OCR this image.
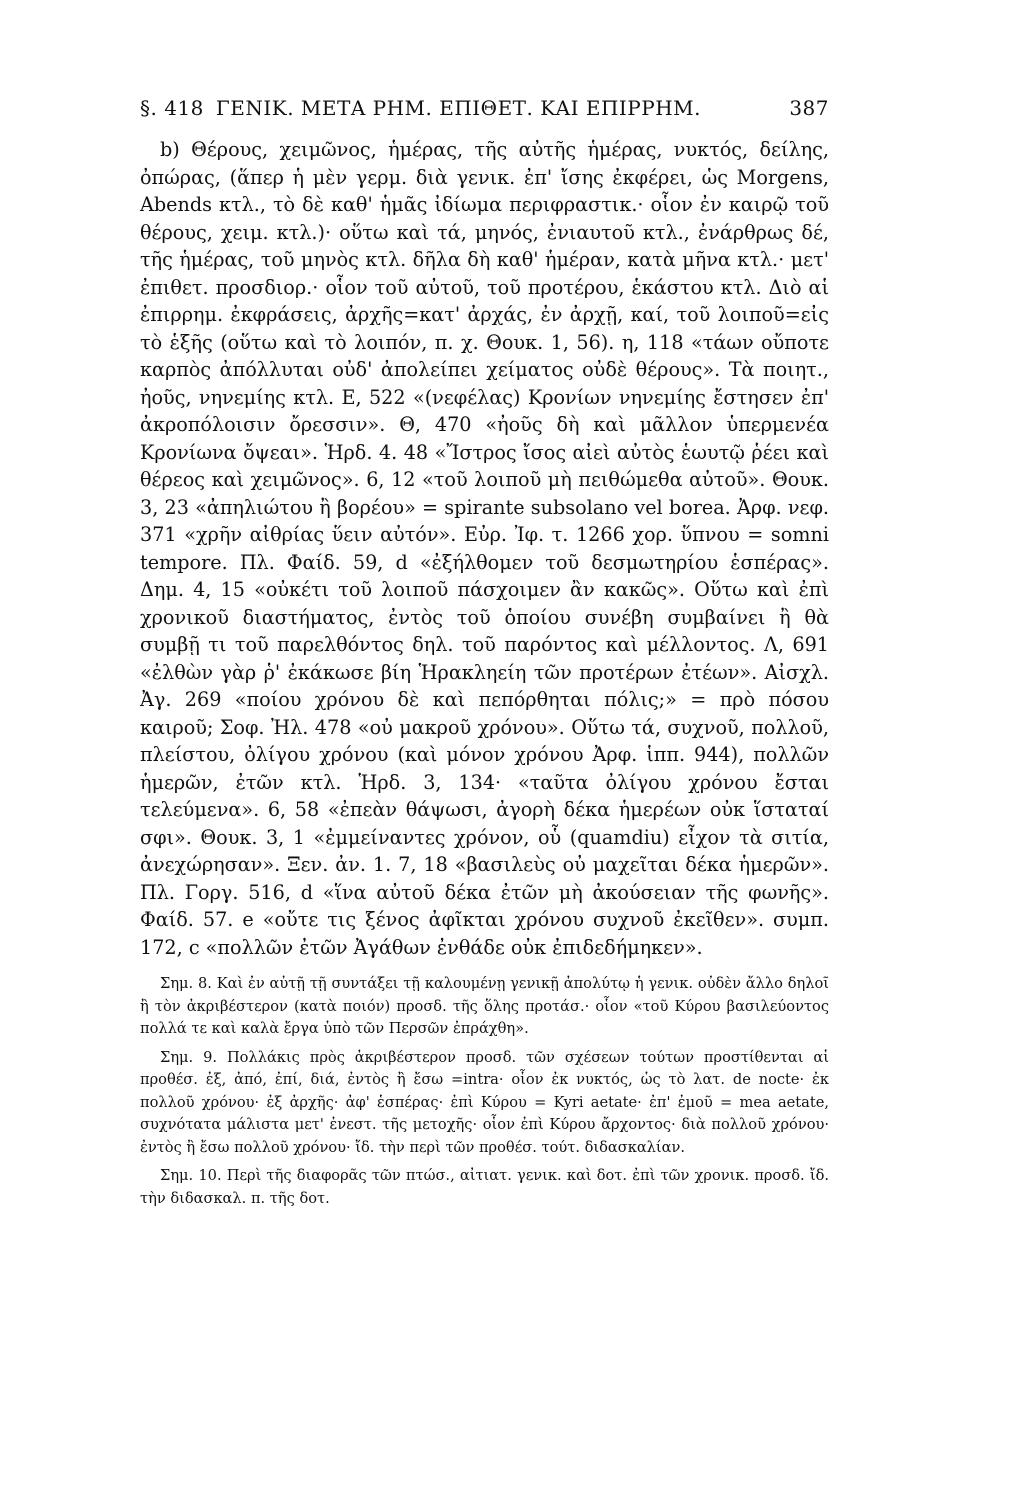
§. 418 ΓΕΝΙΚ. ΜΕΤΑ ΡΗΜ. ΕΠΙΘΕΤ. ΚΑΙ ΕΠΙΡΡΗΜ.	387
b) Θέρους, χειμῶνος, ἡμέρας, τῆς αὐτῆς ἡμέρας, νυκτός, δείλης, ὀπώρας, (ἅπερ ἡ μὲν γερμ. διὰ γενικ. ἐπ' ἴσης ἐκφέρει, ὡς Morgens, Abends κτλ., τὸ δὲ καθ' ἡμᾶς ἰδίωμα περιφραστικ.· οἷον ἐν καιρῷ τοῦ θέρους, χειμ. κτλ.)· οὕτω καὶ τά, μηνός, ἐνιαυτοῦ κτλ., ἐνάρθρως δέ, τῆς ἡμέρας, τοῦ μηνὸς κτλ. δῆλα δὴ καθ' ἡμέραν, κατὰ μῆνα κτλ.· μετ' ἐπιθετ. προσδιορ.· οἷον τοῦ αὐτοῦ, τοῦ προτέρου, ἑκάστου κτλ. Διὸ αἱ ἐπιρρημ. ἐκφράσεις, ἀρχῆς=κατ' ἀρχάς, ἐν ἀρχῇ, καί, τοῦ λοιποῦ=εἰς τὸ ἑξῆς (οὕτω καὶ τὸ λοιπόν, π. χ. Θουκ. 1, 56). η, 118 «τάων οὔποτε καρπὸς ἀπόλλυται οὐδ' ἀπολείπει χείματος οὐδὲ θέρους». Τὰ ποιητ., ἠοῦς, νηνεμίης κτλ. Ε, 522 «(νεφέλας) Κρονίων νηνεμίης ἔστησεν ἐπ' ἀκροπόλοισιν ὄρεσσιν». Θ, 470 «ἠοῦς δὴ καὶ μᾶλλον ὑπερμενέα Κρονίωνα ὄψεαι». Ἡρδ. 4. 48 «Ἴστρος ἴσος αἰεὶ αὐτὸς ἑωυτῷ ῥέει καὶ θέρεος καὶ χειμῶνος». 6, 12 «τοῦ λοιποῦ μὴ πειθώμεθα αὐτοῦ». Θουκ. 3, 23 «ἀπηλιώτου ἢ βορέου» = spirante subsolano vel borea. Ἀρφ. νεφ. 371 «χρῆν αἰθρίας ὕειν αὐτόν». Εὐρ. Ἰφ. τ. 1266 χορ. ὕπνου = somni tempore. Πλ. Φαίδ. 59, d «ἐξήλθομεν τοῦ δεσμωτηρίου ἑσπέρας». Δημ. 4, 15 «οὐκέτι τοῦ λοιποῦ πάσχοιμεν ἂν κακῶς». Οὕτω καὶ ἐπὶ χρονικοῦ διαστήματος, ἐντὸς τοῦ ὁποίου συνέβη συμβαίνει ἢ θὰ συμβῇ τι τοῦ παρελθόντος δηλ. τοῦ παρόντος καὶ μέλλοντος. Λ, 691 «ἐλθὼν γὰρ ῥ' ἐκάκωσε βίη Ἡρακληείη τῶν προτέρων ἐτέων». Αἰσχλ. Ἀγ. 269 «ποίου χρόνου δὲ καὶ πεπόρθηται πόλις;» = πρὸ πόσου καιροῦ; Σοφ. Ἠλ. 478 «οὐ μακροῦ χρόνου». Οὕτω τά, συχνοῦ, πολλοῦ, πλείστου, ὀλίγου χρόνου (καὶ μόνον χρόνου Ἀρφ. ἱππ. 944), πολλῶν ἡμερῶν, ἐτῶν κτλ. Ἡρδ. 3, 134· «ταῦτα ὀλίγου χρόνου ἔσται τελεύμενα». 6, 58 «ἐπεὰν θάψωσι, ἀγορὴ δέκα ἡμερέων οὐκ ἵσταταί σφι». Θουκ. 3, 1 «ἐμμείναντες χρόνον, οὗ (quamdiu) εἶχον τὰ σιτία, ἀνεχώρησαν». Ξεν. ἀν. 1. 7, 18 «βασιλεὺς οὐ μαχεῖται δέκα ἡμερῶν». Πλ. Γοργ. 516, d «ἵνα αὐτοῦ δέκα ἐτῶν μὴ ἀκούσειαν τῆς φωνῆς». Φαίδ. 57. e «οὔτε τις ξένος ἀφῖκται χρόνου συχνοῦ ἐκεῖθεν». συμπ. 172, c «πολλῶν ἐτῶν Ἀγάθων ἐνθάδε οὐκ ἐπιδεδήμηκεν».
Σημ. 8. Καὶ ἐν αὐτῇ τῇ συντάξει τῇ καλουμένῃ γενικῇ ἀπολύτῳ ἡ γενικ. οὐδὲν ἄλλο δηλοῖ ἢ τὸν ἀκριβέστερον (κατὰ ποιόν) προσδ. τῆς ὅλης προτάσ.· οἷον «τοῦ Κύρου βασιλεύοντος πολλά τε καὶ καλὰ ἔργα ὑπὸ τῶν Περσῶν ἐπράχθη».
Σημ. 9. Πολλάκις πρὸς ἀκριβέστερον προσδ. τῶν σχέσεων τούτων προστίθενται αἱ προθέσ. ἐξ, ἀπό, ἐπί, διά, ἐντὸς ἢ ἔσω =intra· οἷον ἐκ νυκτός, ὡς τὸ λατ. de nocte· ἐκ πολλοῦ χρόνου· ἐξ ἀρχῆς· ἀφ' ἑσπέρας· ἐπὶ Κύρου = Kyri aetate· ἐπ' ἐμοῦ = mea aetate, συχνότατα μάλιστα μετ' ἐνεστ. τῆς μετοχῆς· οἷον ἐπὶ Κύρου ἄρχοντος· διὰ πολλοῦ χρόνου· ἐντὸς ἢ ἔσω πολλοῦ χρόνου· ἴδ. τὴν περὶ τῶν προθέσ. τούτ. διδασκαλίαν.
Σημ. 10. Περὶ τῆς διαφορᾶς τῶν πτώσ., αἰτιατ. γενικ. καὶ δοτ. ἐπὶ τῶν χρονικ. προσδ. ἴδ. τὴν διδασκαλ. π. τῆς δοτ.
